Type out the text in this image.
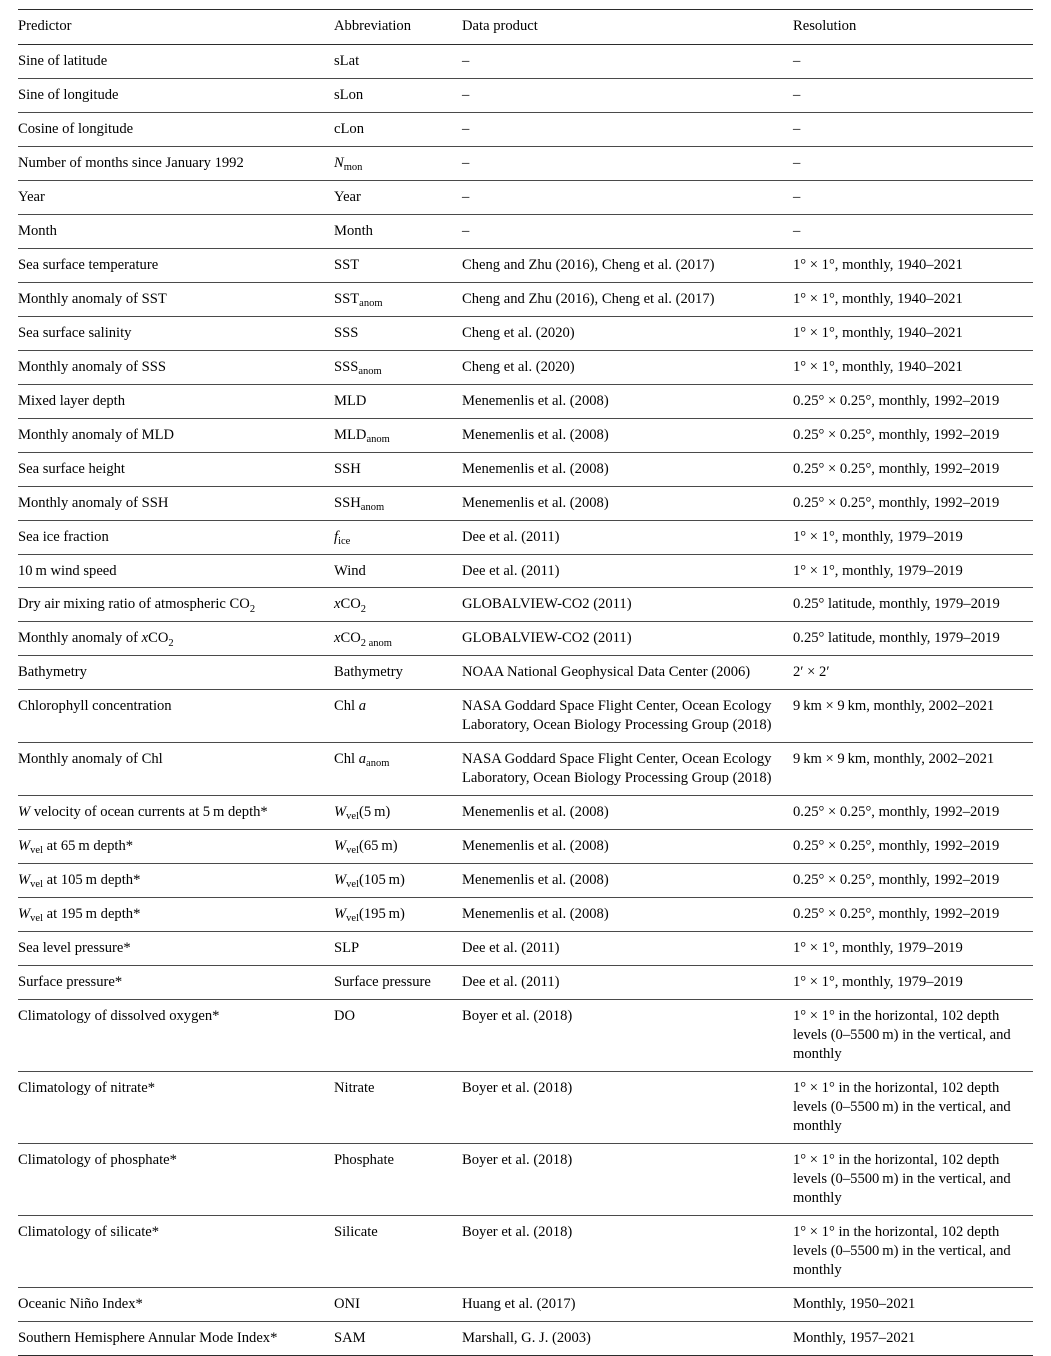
Predictor	Abbreviation	Data product	Resolution
Sine of latitude	sLat	–	–
Sine of longitude	sLon	–	–
Cosine of longitude	cLon	–	–
Number of months since January 1992	$N_{mon}$	–	–
Year	Year	–	–
Month	Month	–	–
Sea surface temperature	SST	Cheng and Zhu (2016), Cheng et al. (2017)	1° × 1°, monthly, 1940–2021
Monthly anomaly of SST	$SST_{anom}$	Cheng and Zhu (2016), Cheng et al. (2017)	1° × 1°, monthly, 1940–2021
Sea surface salinity	SSS	Cheng et al. (2020)	1° × 1°, monthly, 1940–2021
Monthly anomaly of SSS	$SSS_{anom}$	Cheng et al. (2020)	1° × 1°, monthly, 1940–2021
Mixed layer depth	MLD	Menemenlis et al. (2008)	0.25° × 0.25°, monthly, 1992–2019
Monthly anomaly of MLD	$MLD_{anom}$	Menemenlis et al. (2008)	0.25° × 0.25°, monthly, 1992–2019
Sea surface height	SSH	Menemenlis et al. (2008)	0.25° × 0.25°, monthly, 1992–2019
Monthly anomaly of SSH	$SSH_{anom}$	Menemenlis et al. (2008)	0.25° × 0.25°, monthly, 1992–2019
Sea ice fraction	$f_{ice}$	Dee et al. (2011)	1° × 1°, monthly, 1979–2019
10 m wind speed	Wind	Dee et al. (2011)	1° × 1°, monthly, 1979–2019
Dry air mixing ratio of atmospheric $CO_2$	xCO$_2$	GLOBALVIEW-CO2 (2011)	0.25° latitude, monthly, 1979–2019
Monthly anomaly of xCO$_2$	xCO$_{2 anom}$	GLOBALVIEW-CO2 (2011)	0.25° latitude, monthly, 1979–2019
Bathymetry	Bathymetry	NOAA National Geophysical Data Center (2006)	2′ × 2′
Chlorophyll concentration	Chl a	NASA Goddard Space Flight Center, Ocean Ecology Laboratory, Ocean Biology Processing Group (2018)	9 km × 9 km, monthly, 2002–2021
Monthly anomaly of Chl	Chl $a_{anom}$	NASA Goddard Space Flight Center, Ocean Ecology Laboratory, Ocean Biology Processing Group (2018)	9 km × 9 km, monthly, 2002–2021
W velocity of ocean currents at 5 m depth*	$W_{vel}(5$ m)	Menemenlis et al. (2008)	0.25° × 0.25°, monthly, 1992–2019
$W_{vel}$ at 65 m depth*	$W_{vel}(65$ m)	Menemenlis et al. (2008)	0.25° × 0.25°, monthly, 1992–2019
$W_{vel}$ at 105 m depth*	$W_{vel}(105$ m)	Menemenlis et al. (2008)	0.25° × 0.25°, monthly, 1992–2019
$W_{vel}$ at 195 m depth*	$W_{vel}(195$ m)	Menemenlis et al. (2008)	0.25° × 0.25°, monthly, 1992–2019
Sea level pressure*	SLP	Dee et al. (2011)	1° × 1°, monthly, 1979–2019
Surface pressure*	Surface pressure	Dee et al. (2011)	1° × 1°, monthly, 1979–2019
Climatology of dissolved oxygen*	DO	Boyer et al. (2018)	1° × 1° in the horizontal, 102 depth levels (0–5500 m) in the vertical, and monthly
Climatology of nitrate*	Nitrate	Boyer et al. (2018)	1° × 1° in the horizontal, 102 depth levels (0–5500 m) in the vertical, and monthly
Climatology of phosphate*	Phosphate	Boyer et al. (2018)	1° × 1° in the horizontal, 102 depth levels (0–5500 m) in the vertical, and monthly
Climatology of silicate*	Silicate	Boyer et al. (2018)	1° × 1° in the horizontal, 102 depth levels (0–5500 m) in the vertical, and monthly
Oceanic Niño Index*	ONI	Huang et al. (2017)	Monthly, 1950–2021
Southern Hemisphere Annular Mode Index*	SAM	Marshall, G. J. (2003)	Monthly, 1957–2021
